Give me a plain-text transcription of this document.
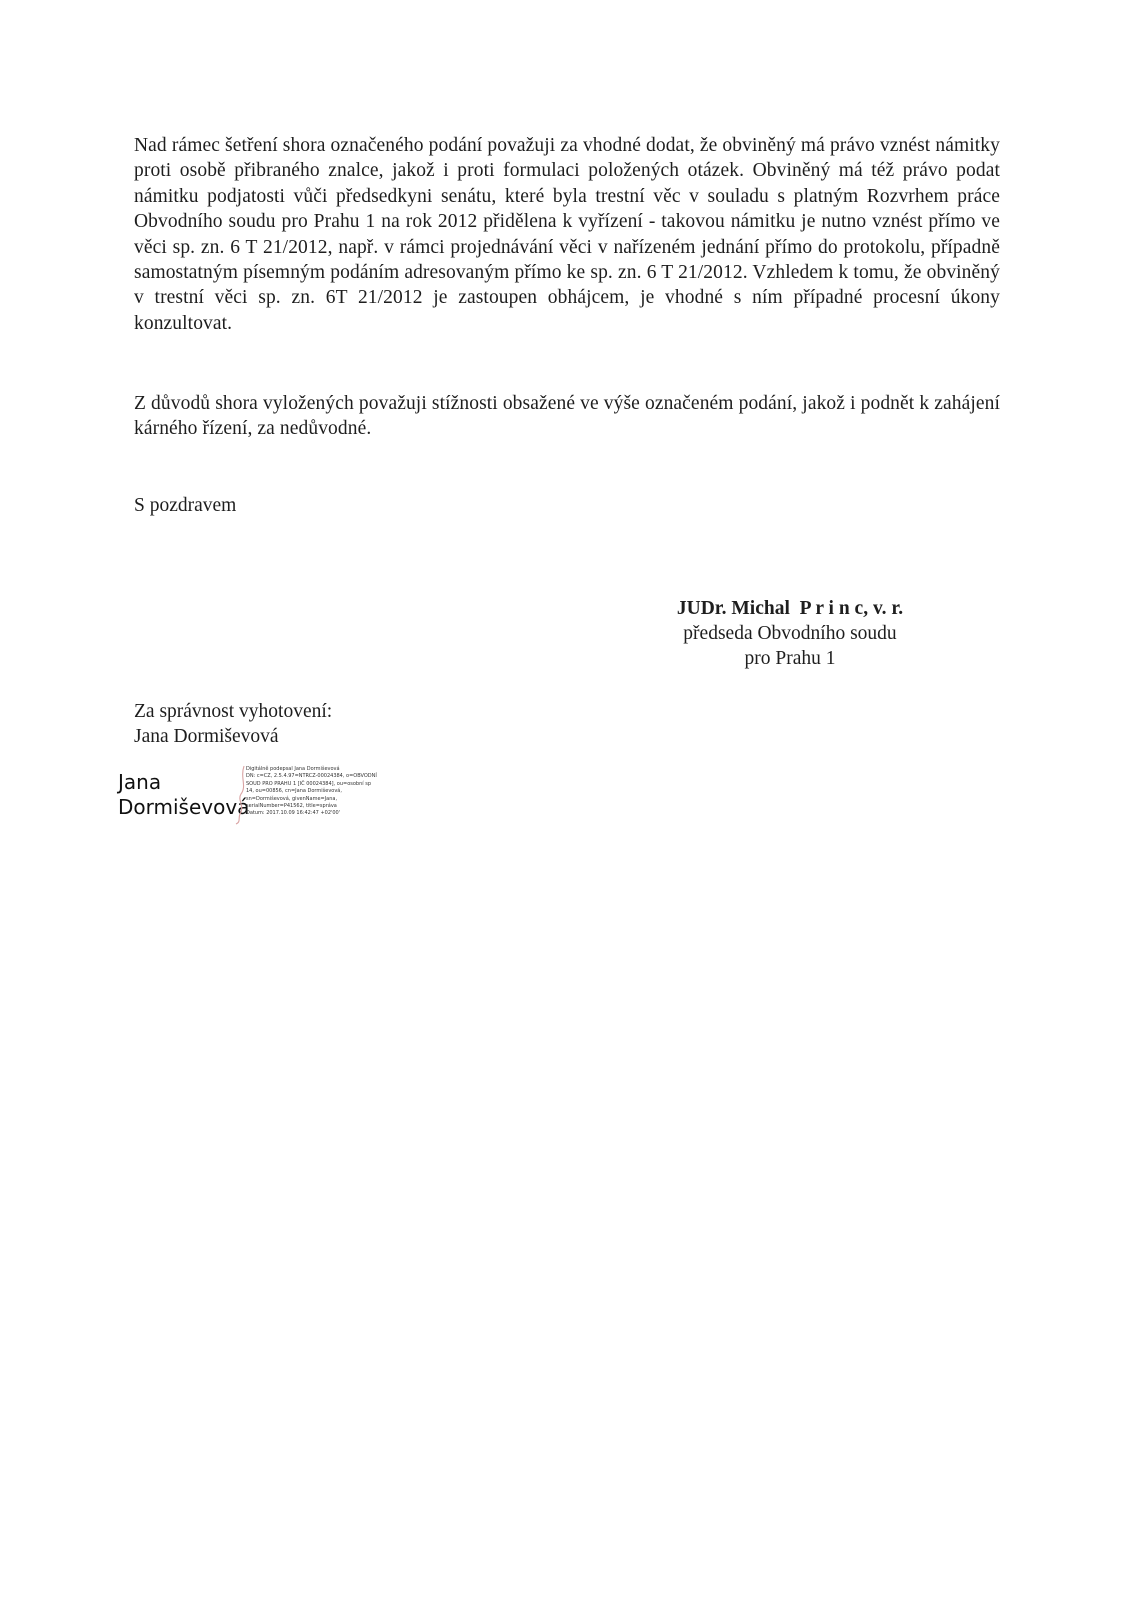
Nad rámec šetření shora označeného podání považuji za vhodné dodat, že obviněný má právo vznést námitky proti osobě přibraného znalce, jakož i proti formulaci položených otázek. Obviněný má též právo podat námitku podjatosti vůči předsedkyni senátu, které byla trestní věc v souladu s platným Rozvrhem práce Obvodního soudu pro Prahu 1 na rok 2012 přidělena k vyřízení - takovou námitku je nutno vznést přímo ve věci sp. zn. 6 T 21/2012, např. v rámci projednávání věci v nařízeném jednání přímo do protokolu, případně samostatným písemným podáním adresovaným přímo ke sp. zn. 6 T 21/2012. Vzhledem k tomu, že obviněný v trestní věci sp. zn. 6T 21/2012 je zastoupen obhájcem, je vhodné s ním případné procesní úkony konzultovat.

Z důvodů shora vyložených považuji stížnosti obsažené ve výše označeném podání, jakož i podnět k zahájení kárného řízení, za nedůvodné.

S pozdravem

JUDr. Michal  P r i n c, v. r.
předseda Obvodního soudu
pro Prahu 1
Za správnost vyhotovení:
Jana Dormiševová
Jana
Dormiševová
Digitálně podepsal Jana Dormiševová
DN: c=CZ, 2.5.4.97=NTRCZ-00024384, o=OBVODNÍ
SOUD PRO PRAHU 1 [IČ 00024384], ou=osobní sp
14, ou=00856, cn=Jana Dormiševová,
sn=Dormiševová, givenName=Jana,
serialNumber=P41562, title=správa
Datum: 2017.10.09 16:42:47 +02'00'
